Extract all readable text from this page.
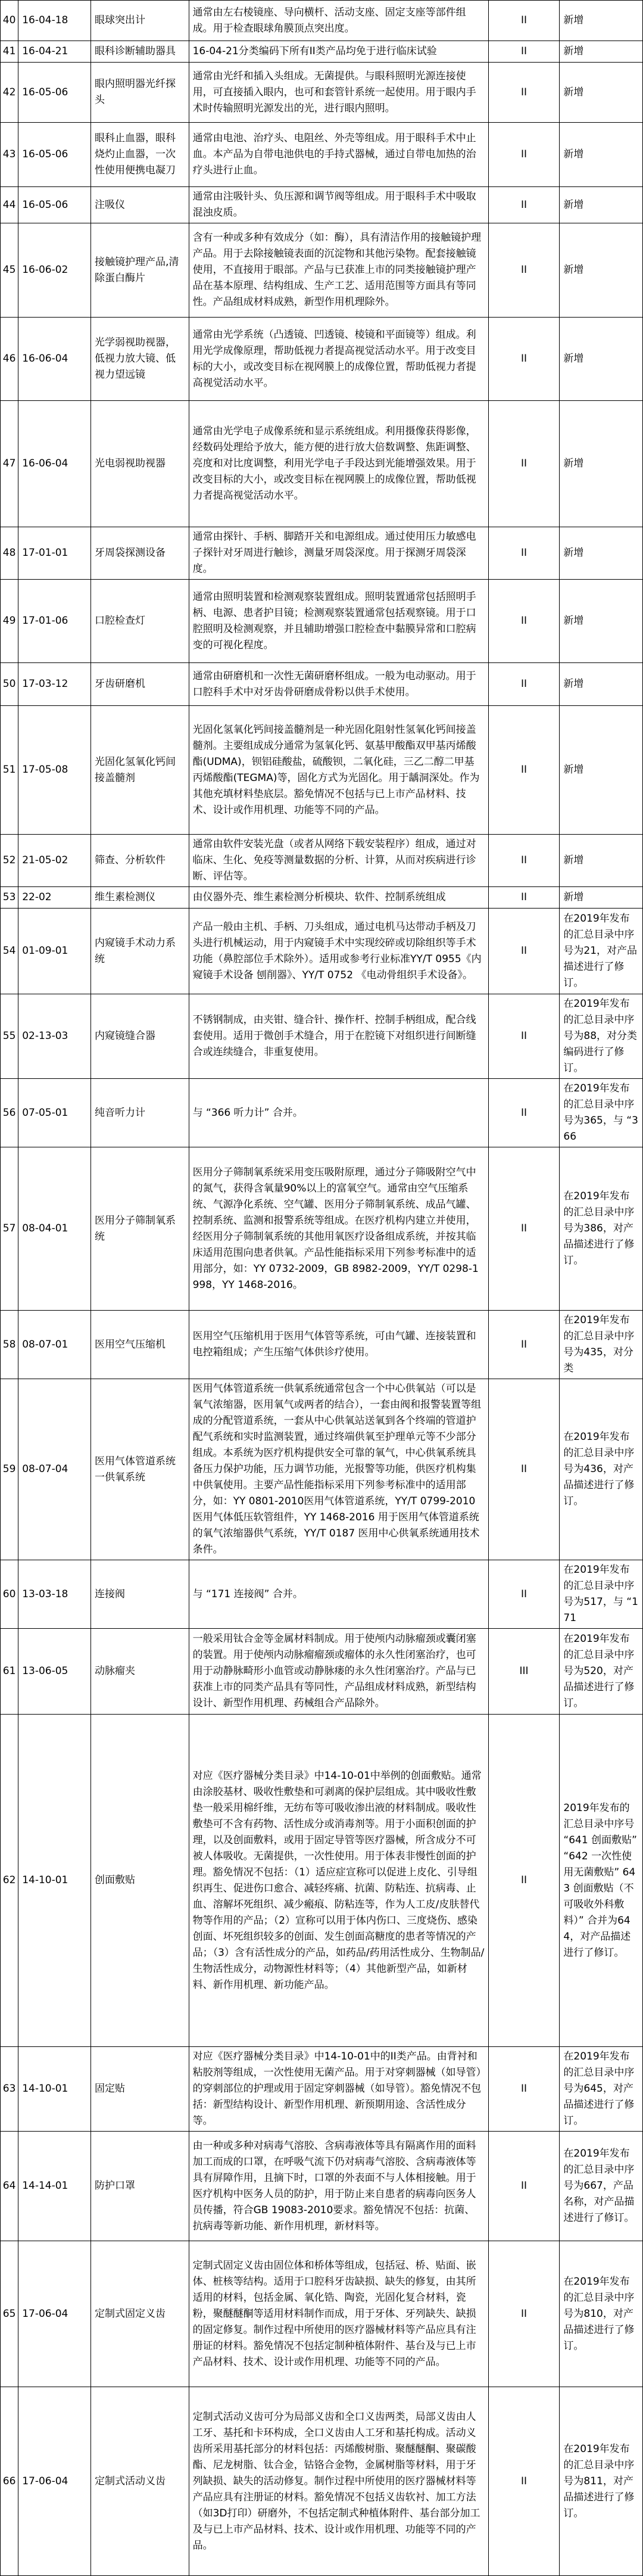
40	16-04-18	眼球突出计	通常由左右棱镜座、导向横杆、活动支座、固定支座等部件组成。用于检查眼球角膜顶点突出度。	II	新增
41	16-04-21	眼科诊断辅助器具	16-04-21分类编码下所有II类产品均免于进行临床试验	II	新增
42	16-05-06	眼内照明器光纤探头	通常由光纤和插入头组成。无菌提供。与眼科照明光源连接使用，可直接插入眼内，也可和套管针系统一起使用。用于眼内手术时传输照明光源发出的光，进行眼内照明。	II	新增
43	16-05-06	眼科止血器，眼科烧灼止血器，一次性使用便携电凝刀	通常由电池、治疗头、电阻丝、外壳等组成。用于眼科手术中止血。本产品为自带电池供电的手持式器械，通过自带电加热的治疗头进行止血。	II	新增
44	16-05-06	注吸仪	通常由注吸针头、负压源和调节阀等组成。用于眼科手术中吸取混浊皮质。	II	新增
45	16-06-02	接触镜护理产品,清除蛋白酶片	含有一种或多种有效成分（如：酶），具有清洁作用的接触镜护理产品。用于去除接触镜表面的沉淀物和其他污染物。配套接触镜使用，不直接用于眼部。产品与已获准上市的同类接触镜护理产品在基本原理、结构组成、生产工艺、适用范围等方面具有等同性。产品组成材料成熟，新型作用机理除外。	II	新增
46	16-06-04	光学弱视助视器，低视力放大镜、低视力望远镜	通常由光学系统（凸透镜、凹透镜、棱镜和平面镜等）组成。利用光学成像原理，帮助低视力者提高视觉活动水平。用于改变目标的大小，或改变目标在视网膜上的成像位置，帮助低视力者提高视觉活动水平。	II	新增
47	16-06-04	光电弱视助视器	通常由光学电子成像系统和显示系统组成。利用摄像获得影像，经数码处理给予放大，能方便的进行放大倍数调整、焦距调整、亮度和对比度调整，利用光学电子手段达到光能增强效果。用于改变目标的大小，或改变目标在视网膜上的成像位置，帮助低视力者提高视觉活动水平。	II	新增
48	17-01-01	牙周袋探测设备	通常由探针、手柄、脚踏开关和电源组成。通过使用压力敏感电子探针对牙周进行触诊，测量牙周袋深度。用于探测牙周袋深度。	II	新增
49	17-01-06	口腔检查灯	通常由照明装置和检测观察装置组成。照明装置通常包括照明手柄、电源、患者护目镜；检测观察装置通常包括观察镜。用于口腔照明及检测观察，并且辅助增强口腔检查中黏膜异常和口腔病变的可视化程度。	II	新增
50	17-03-12	牙齿研磨机	通常由研磨机和一次性无菌研磨杯组成。一般为电动驱动。用于口腔科手术中对牙齿骨研磨成骨粉以供手术使用。	II	新增
51	17-05-08	光固化氢氧化钙间接盖髓剂	光固化氢氧化钙间接盖髓剂是一种光固化阻射性氢氧化钙间接盖髓剂。主要组成成分通常为氢氧化钙、氨基甲酸酯双甲基丙烯酸酯(UDMA)，钡铝硅酸盐，硫酸钡，二氧化硅，三乙二醇二甲基丙烯酸酯(TEGMA)等，固化方式为光固化。用于龋洞深处。作为其他充填材料垫底层。豁免情况不包括与已上市产品材料、技术、设计或作用机理、功能等不同的产品。	II	新增
52	21-05-02	筛查、分析软件	通常由软件安装光盘（或者从网络下载安装程序）组成，通过对临床、生化、免疫等测量数据的分析、计算，从而对疾病进行诊断、评估等。	II	新增
53	22-02	维生素检测仪	由仪器外壳、维生素检测分析模块、软件、控制系统组成	II	新增
54	01-09-01	内窥镜手术动力系统	产品一般由主机、手柄、刀头组成，通过电机马达带动手柄及刀头进行机械运动，用于内窥镜手术中实现绞碎或切除组织等手术功能（鼻腔部位手术除外）。适用或参考行业标准YY/T 0955《内窥镜手术设备 刨削器》、YY/T 0752 《电动骨组织手术设备》。	II	在2019年发布的汇总目录中序号为21，对产品描述进行了修订。
55	02-13-03	内窥镜缝合器	不锈钢制成，由夹钳、缝合针、操作杆、控制手柄组成，配合线套使用。适用于微创手术缝合，用于在腔镜下对组织进行间断缝合或连续缝合，非重复使用。	II	在2019年发布的汇总目录中序号为88，对分类编码进行了修订。
56	07-05-01	纯音听力计	与 “366 听力计” 合并。	II	在2019年发布的汇总目录中序号为365，与 “366
57	08-04-01	医用分子筛制氧系统	医用分子筛制氧系统采用变压吸附原理，通过分子筛吸附空气中的氮气，获得含氧量90%以上的富氧空气。通常由空气压缩系统、气源净化系统、空气罐、医用分子筛制氧系统、成品气罐、控制系统、监测和报警系统等组成。在医疗机构内建立并使用，经医用分子筛制氧系统的其他用氧医疗设备组成系统，并按其临床适用范围向患者供氧。产品性能指标采用下列参考标准中的适用部分，如：YY 0732-2009，GB 8982-2009，YY/T 0298-1998，YY 1468-2016。	II	在2019年发布的汇总目录中序号为386，对产品描述进行了修订。
58	08-07-01	医用空气压缩机	医用空气压缩机用于医用气体管等系统，可由气罐、连接装置和电控箱组成；产生压缩气体供诊疗使用。	II	在2019年发布的汇总目录中序号为435，对分类
59	08-07-04	医用气体管道系统一供氧系统	医用气体管道系统一供氧系统通常包含一个中心供氧站（可以是氧气浓缩器，医用氧气或两者的结合），一套由阀和报警装置等组成的分配管道系统，一套从中心供氧站送氧到各个终端的管道护配气系统和实时监测装置，通过终端供氧至护理单元等不少部分组成。本系统为医疗机构提供安全可靠的氧气，中心供氧系统具备压力保护功能，压力调节功能，光报警等功能，供医疗机构集中供氧使用。主要产品性能指标采用下列参考标准中的适用部分，如：YY 0801-2010医用气体管道系统，YY/T 0799-2010 医用气体低压软管组件，YY 1468-2016 用于医用气体管道系统的氧气浓缩器供气系统，YY/T 0187 医用中心供氧系统通用技术条件。	II	在2019年发布的汇总目录中序号为436，对产品描述进行了修订。
60	13-03-18	连接阀	与 “171 连接阀” 合并。	II	在2019年发布的汇总目录中序号为517，与 “171
61	13-06-05	动脉瘤夹	一般采用钛合金等金属材料制成。用于使颅内动脉瘤颈或囊闭塞的装置。用于使颅内动脉瘤瘤颈或瘤体的永久性闭塞治疗，也可用于动静脉畸形小血管或动静脉瘘的永久性闭塞治疗。产品与已获准上市的同类产品具有等同性，产品组成材料成熟，新型结构设计、新型作用机理、药械组合产品除外。	III	在2019年发布的汇总目录中序号为520，对产品描述进行了修订。
62	14-10-01	创面敷贴	对应《医疗器械分类目录》中14-10-01中举例的创面敷贴。通常由涂胶基材、吸收性敷垫和可剥离的保护层组成。其中吸收性敷垫一般采用棉纤维，无纺布等可吸收渗出液的材料制成。吸收性敷垫可不含有药物、活性成分或消毒剂等。用于小面积创面的护理，以及创面敷料，或用于固定导管等医疗器械，所含成分不可被人体吸收。无菌提供，一次性使用。用于体表非慢性创面的护理。豁免情况不包括：（1）适应症宣称可以促进上皮化、引导组织再生、促进伤口愈合、减轻疼痛、抗菌、防粘连、抗病毒、止血、溶解坏死组织、减少瘢痕、防粘连等，作为人工皮/皮肤替代物等作用的产品；（2）宣称可以用于体内伤口、三度烧伤、感染创面、坏死组织较多的创面、发生创面高糖度的患者等情况的产品；（3）含有活性成分的产品，如药品/药用活性成分、生物制品/生物活性成分，动物源性材料等；（4）其他新型产品，如新材料、新作用机理、新功能产品。	II	2019年发布的汇总目录中序号 “641 创面敷贴” “642 一次性使用无菌敷贴” 643 创面敷贴（不可吸收外科敷料）” 合并为644，对产品描述进行了修订。
63	14-10-01	固定贴	对应《医疗器械分类目录》中14-10-01中的II类产品。由背衬和粘胶剂等组成，一次性使用无菌产品。用于对穿刺器械（如导管）的穿刺部位的护理或用于固定穿刺器械（如导管）。豁免情况不包括：新型结构设计、新型作用机理、新预期用途、含活性成分等。	II	在2019年发布的汇总目录中序号为645，对产品描述进行了修订。
64	14-14-01	防护口罩	由一种或多种对病毒气溶胶、含病毒液体等具有隔离作用的面料加工而成的口罩，在呼吸气流下仍对病毒气溶胶、含病毒液体等具有屏障作用，且摘下时，口罩的外表面不与人体相接触。用于医疗机构中医务人员的防护，用于防止来自患者的病毒向医务人员传播，符合GB 19083-2010要求。豁免情况不包括：抗菌、抗病毒等新功能、新作用机理，新材料等。	II	在2019年发布的汇总目录中序号为667，产品名称，对产品描述进行了修订。
65	17-06-04	定制式固定义齿	定制式固定义齿由固位体和桥体等组成，包括冠、桥、贴面、嵌体、桩核等结构。适用于口腔科牙齿缺损、缺失的修复，由其所适用的材料，包括金属、氧化锆、陶瓷，光固化复合材料，瓷粉，聚醚醚酮等适用材料制作而成，用于牙体、牙列缺失、缺损的固定修复。制作过程中所使用的医疗器械材料等产品应具有注册证的材料。豁免情况不包括定制种植体附件、基台及与已上市产品材料、技术、设计或作用机理、功能等不同的产品。	II	在2019年发布的汇总目录中序号为810，对产品描述进行了修订。
66	17-06-04	定制式活动义齿	定制式活动义齿可分为局部义齿和全口义齿两类，局部义齿由人工牙、基托和卡环构成，全口义齿由人工牙和基托构成。活动义齿所采用基托部分的材料包括：丙烯酸树脂、聚醚醚酮、聚碳酸酯、尼龙树脂、钛合金，钴铬合金物，金属树脂等材料，用于牙列缺损、缺失的活动修复。制作过程中所使用的医疗器械材料等产品应具有注册证的材料。豁免情况不包括义齿软衬、加工方法（如3D打印）研磨外，不包括定制式种植体附件、基台部分加工及与已上市产品材料、技术、设计或作用机理、功能等不同的产品。	II	在2019年发布的汇总目录中序号为811，对产品描述进行了修订。
